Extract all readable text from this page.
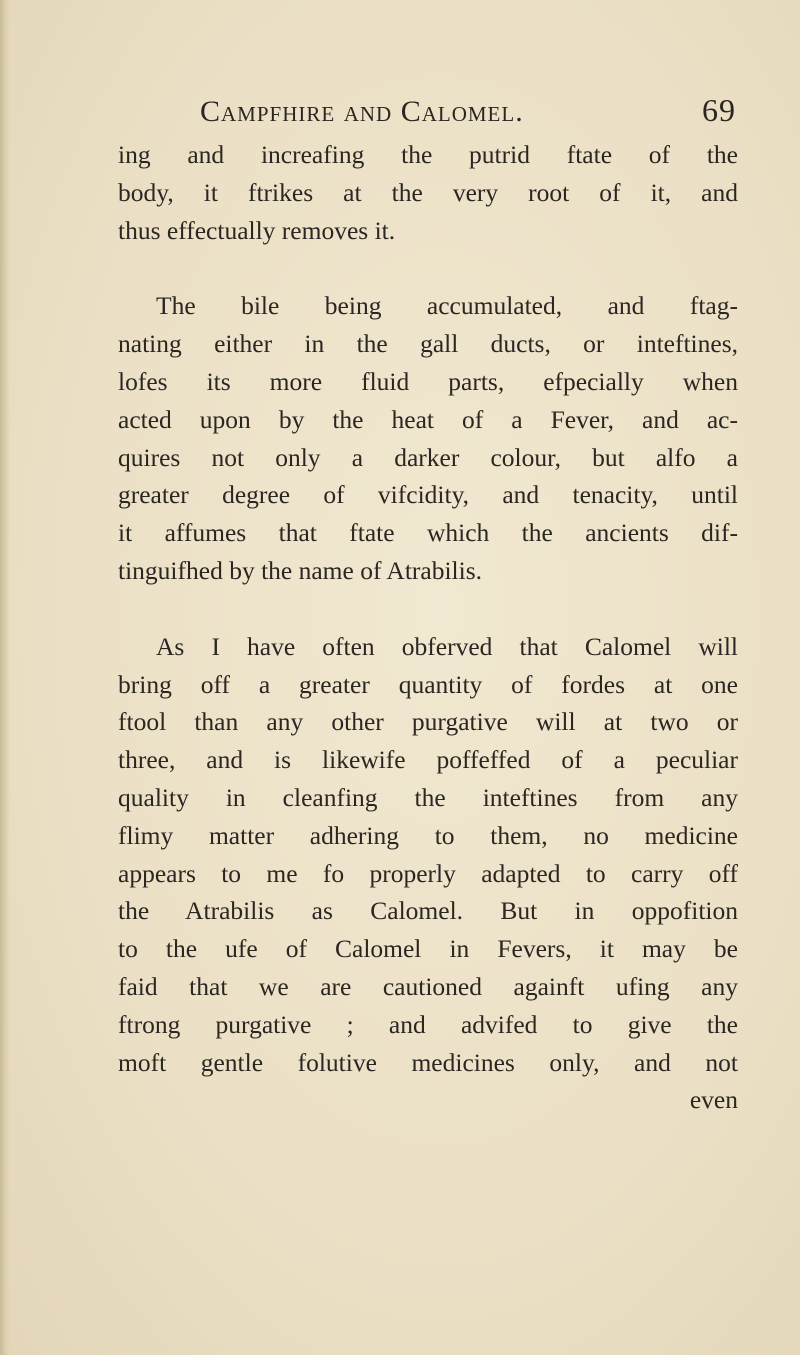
Campfhire and Calomel.	69
ing and increafing the putrid ftate of the
body, it ftrikes at the very root of it, and
thus effectually removes it.
The bile being accumulated, and ftag-
nating either in the gall ducts, or inteftines,
lofes its more fluid parts, efpecially when
acted upon by the heat of a Fever, and ac-
quires not only a darker colour, but alfo a
greater degree of vifcidity, and tenacity, until
it affumes that ftate which the ancients dif-
tinguifhed by the name of Atrabilis.
As I have often obferved that Calomel will
bring off a greater quantity of fordes at one
ftool than any other purgative will at two or
three, and is likewife poffeffed of a peculiar
quality in cleanfing the inteftines from any
flimy matter adhering to them, no medicine
appears to me fo properly adapted to carry off
the Atrabilis as Calomel. But in oppofition
to the ufe of Calomel in Fevers, it may be
faid that we are cautioned againft ufing any
ftrong purgative ; and advifed to give the
moft gentle folutive medicines only, and not
even
